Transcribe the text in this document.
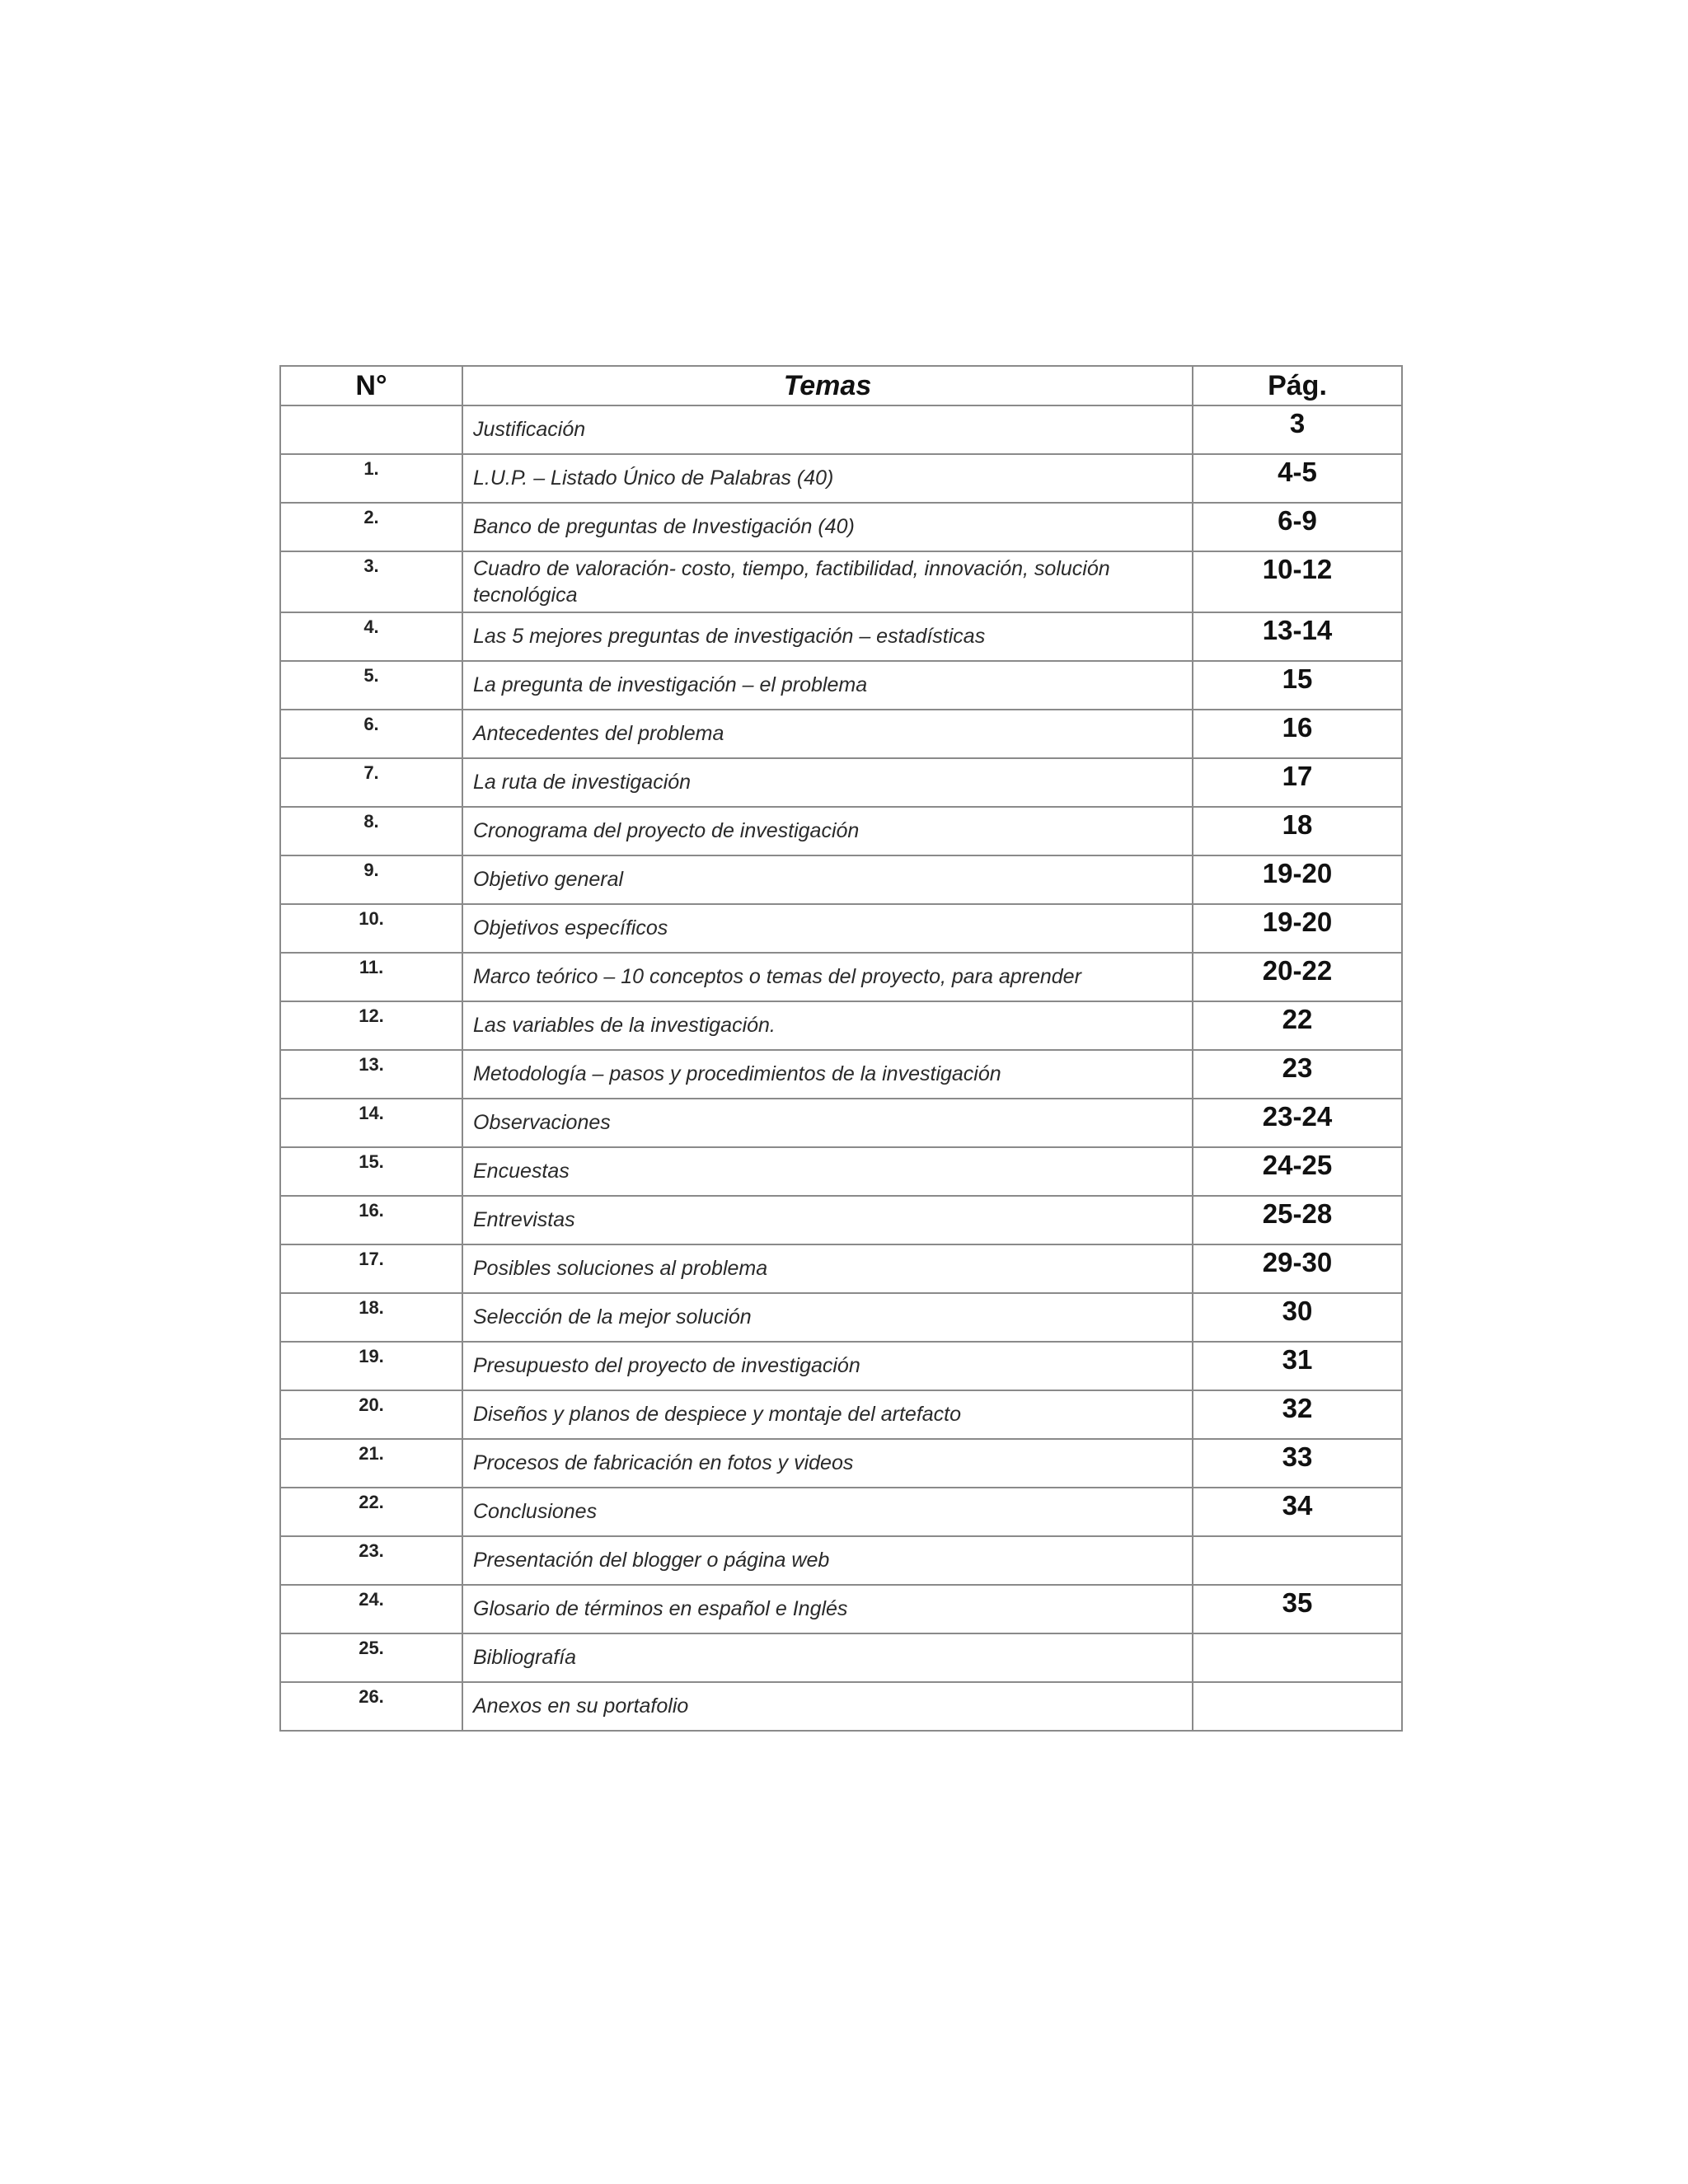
N°	Temas	Pág.
	Justificación	3
1.	L.U.P. – Listado Único de Palabras (40)	4-5
2.	Banco de preguntas de Investigación (40)	6-9
3.	Cuadro de valoración- costo, tiempo, factibilidad, innovación, solución tecnológica	10-12
4.	Las 5 mejores preguntas de investigación – estadísticas	13-14
5.	La pregunta de investigación – el problema	15
6.	Antecedentes del problema	16
7.	La ruta de investigación	17
8.	Cronograma del proyecto de investigación	18
9.	Objetivo general	19-20
10.	Objetivos específicos	19-20
11.	Marco teórico – 10 conceptos o temas del proyecto, para aprender	20-22
12.	Las variables de la investigación.	22
13.	Metodología – pasos y procedimientos de la investigación	23
14.	Observaciones	23-24
15.	Encuestas	24-25
16.	Entrevistas	25-28
17.	Posibles soluciones al problema	29-30
18.	Selección de la mejor solución	30
19.	Presupuesto del proyecto de investigación	31
20.	Diseños y planos de despiece y montaje del artefacto	32
21.	Procesos de fabricación en fotos y videos	33
22.	Conclusiones	34
23.	Presentación del blogger o página web	
24.	Glosario de términos en español e Inglés	35
25.	Bibliografía	
26.	Anexos en su portafolio	
